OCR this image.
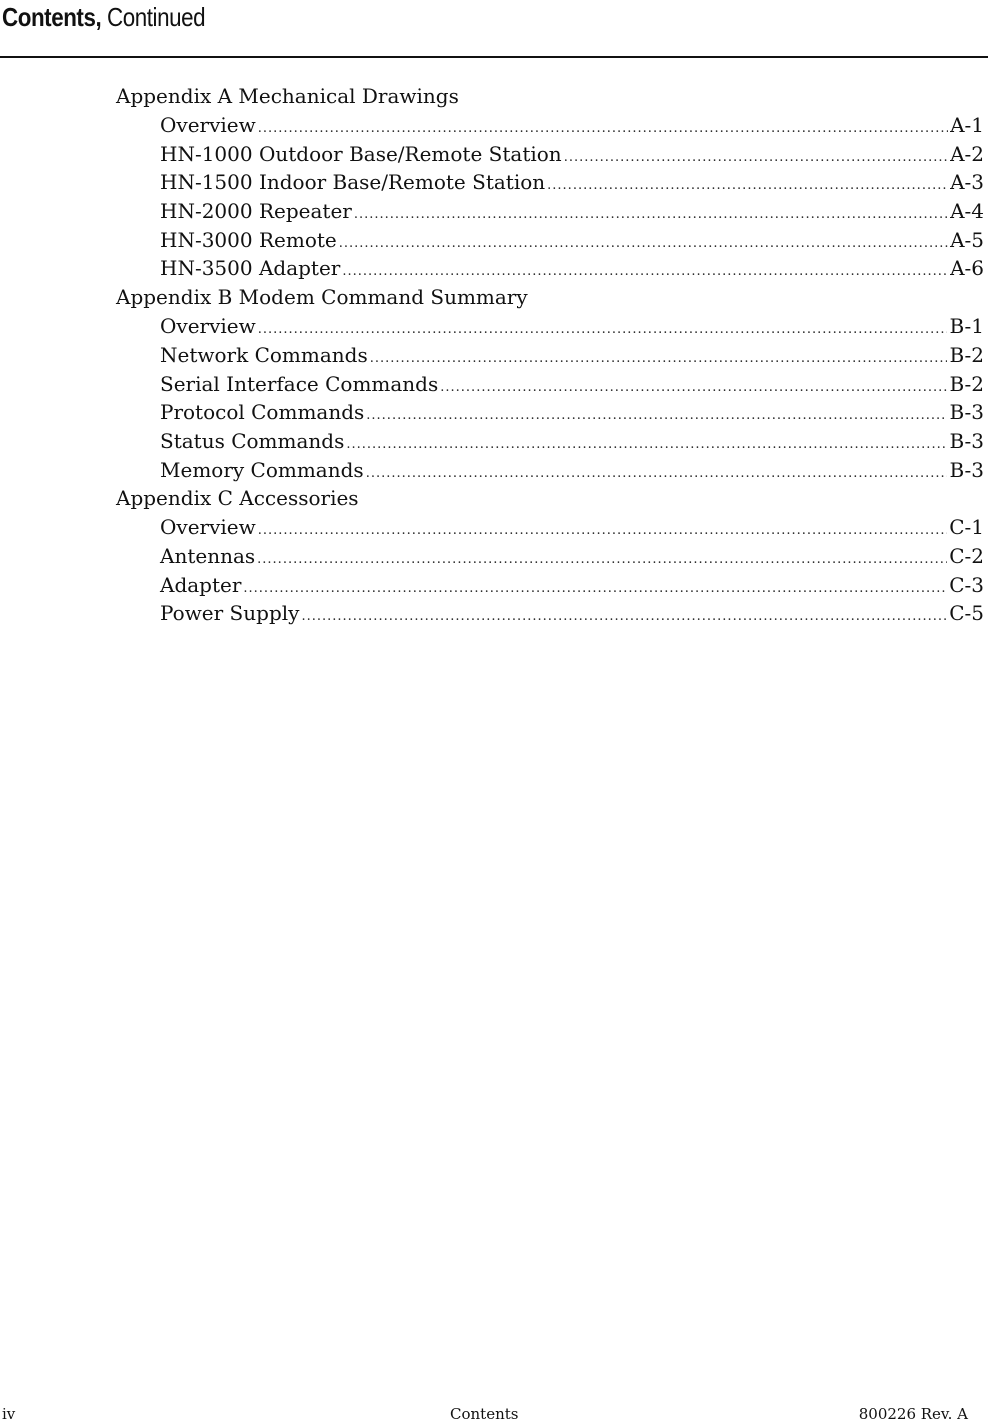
Contents, Continued
Appendix A Mechanical Drawings
Overview .....	A-1
HN-1000 Outdoor Base/Remote Station .....	A-2
HN-1500 Indoor Base/Remote Station .....	A-3
HN-2000 Repeater .....	A-4
HN-3000 Remote .....	A-5
HN-3500 Adapter .....	A-6
Appendix B Modem Command Summary
Overview .....	B-1
Network Commands .....	B-2
Serial Interface Commands .....	B-2
Protocol Commands .....	B-3
Status Commands .....	B-3
Memory Commands .....	B-3
Appendix C Accessories
Overview .....	C-1
Antennas .....	C-2
Adapter .....	C-3
Power Supply .....	C-5
iv	Contents	800226 Rev. A
